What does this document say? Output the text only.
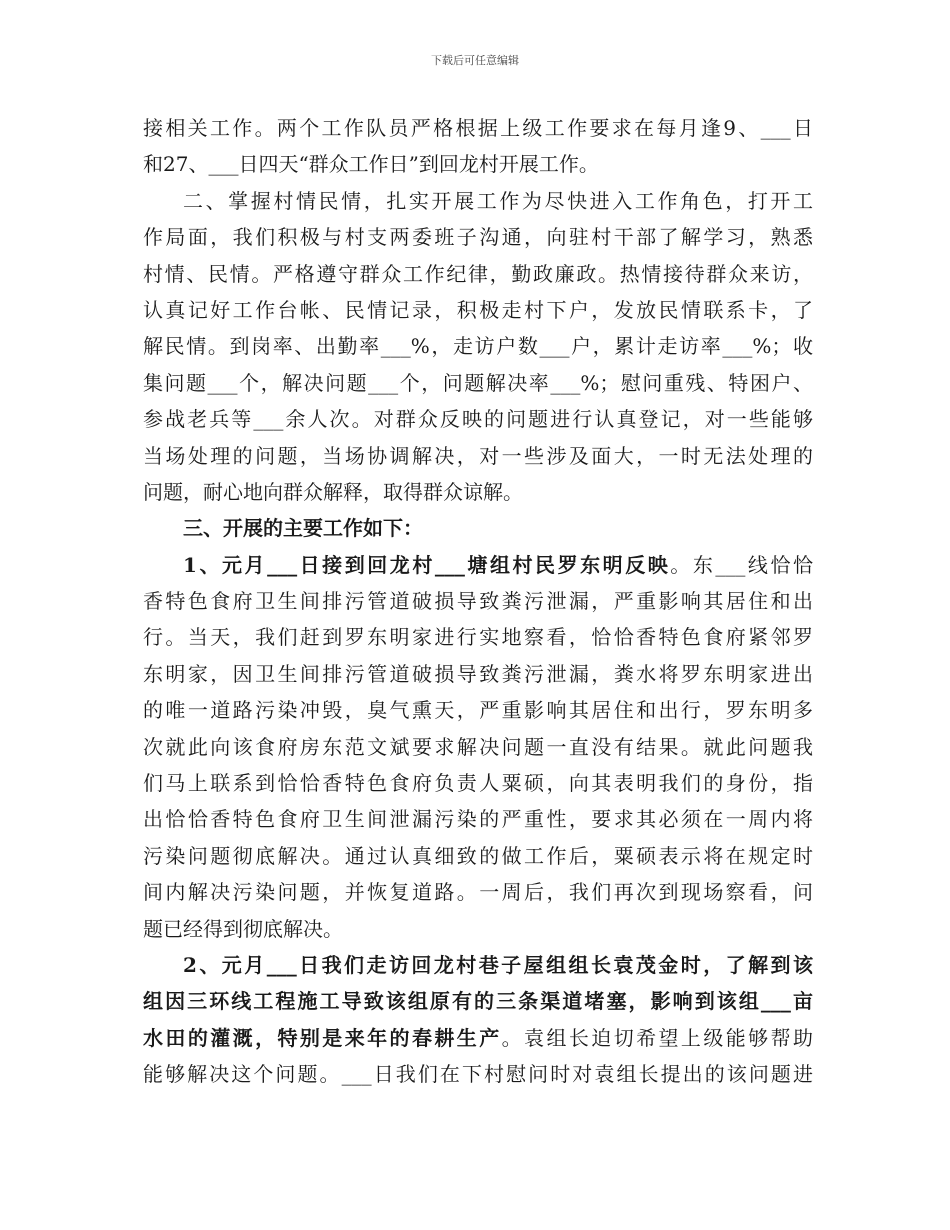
下载后可任意编辑
接相关工作。两个工作队员严格根据上级工作要求在每月逢9、___日
和27、___日四天“群众工作日”到回龙村开展工作。
二、掌握村情民情，扎实开展工作为尽快进入工作角色，打开工
作局面，我们积极与村支两委班子沟通，向驻村干部了解学习，熟悉
村情、民情。严格遵守群众工作纪律，勤政廉政。热情接待群众来访，
认真记好工作台帐、民情记录，积极走村下户，发放民情联系卡，了
解民情。到岗率、出勤率___%，走访户数___户，累计走访率___%；收
集问题___个，解决问题___个，问题解决率___%；慰问重残、特困户、
参战老兵等___余人次。对群众反映的问题进行认真登记，对一些能够
当场处理的问题，当场协调解决，对一些涉及面大，一时无法处理的
问题，耐心地向群众解释，取得群众谅解。
三、开展的主要工作如下：
1、元月___日接到回龙村___塘组村民罗东明反映。东___线恰恰
香特色食府卫生间排污管道破损导致粪污泄漏，严重影响其居住和出
行。当天，我们赶到罗东明家进行实地察看，恰恰香特色食府紧邻罗
东明家，因卫生间排污管道破损导致粪污泄漏，粪水将罗东明家进出
的唯一道路污染冲毁，臭气熏天，严重影响其居住和出行，罗东明多
次就此向该食府房东范文斌要求解决问题一直没有结果。就此问题我
们马上联系到恰恰香特色食府负责人粟硕，向其表明我们的身份，指
出恰恰香特色食府卫生间泄漏污染的严重性，要求其必须在一周内将
污染问题彻底解决。通过认真细致的做工作后，粟硕表示将在规定时
间内解决污染问题，并恢复道路。一周后，我们再次到现场察看，问
题已经得到彻底解决。
2、元月___日我们走访回龙村巷子屋组组长袁茂金时，了解到该
组因三环线工程施工导致该组原有的三条渠道堵塞，影响到该组___亩
水田的灌溉，特别是来年的春耕生产。袁组长迫切希望上级能够帮助
能够解决这个问题。___日我们在下村慰问时对袁组长提出的该问题进
